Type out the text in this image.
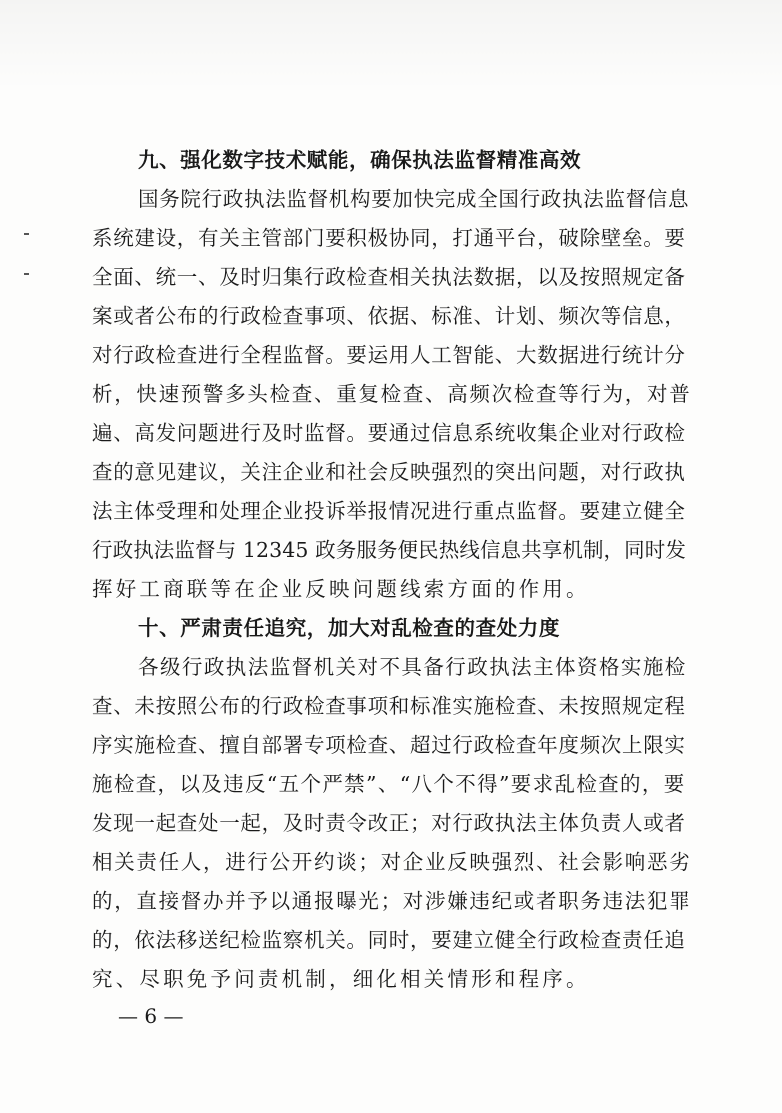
九、强化数字技术赋能，确保执法监督精准高效

国务院行政执法监督机构要加快完成全国行政执法监督信息

系统建设，有关主管部门要积极协同，打通平台，破除壁垒。要

全面、统一、及时归集行政检查相关执法数据，以及按照规定备

案或者公布的行政检查事项、依据、标准、计划、频次等信息，

对行政检查进行全程监督。要运用人工智能、大数据进行统计分

析，快速预警多头检查、重复检查、高频次检查等行为，对普

遍、高发问题进行及时监督。要通过信息系统收集企业对行政检

查的意见建议，关注企业和社会反映强烈的突出问题，对行政执

法主体受理和处理企业投诉举报情况进行重点监督。要建立健全

行政执法监督与 12345 政务服务便民热线信息共享机制，同时发

挥好工商联等在企业反映问题线索方面的作用。

十、严肃责任追究，加大对乱检查的查处力度

各级行政执法监督机关对不具备行政执法主体资格实施检

查、未按照公布的行政检查事项和标准实施检查、未按照规定程

序实施检查、擅自部署专项检查、超过行政检查年度频次上限实

施检查，以及违反“五个严禁”、“八个不得”要求乱检查的，要

发现一起查处一起，及时责令改正；对行政执法主体负责人或者

相关责任人，进行公开约谈；对企业反映强烈、社会影响恶劣

的，直接督办并予以通报曝光；对涉嫌违纪或者职务违法犯罪

的，依法移送纪检监察机关。同时，要建立健全行政检查责任追

究、尽职免予问责机制，细化相关情形和程序。

— 6 —
